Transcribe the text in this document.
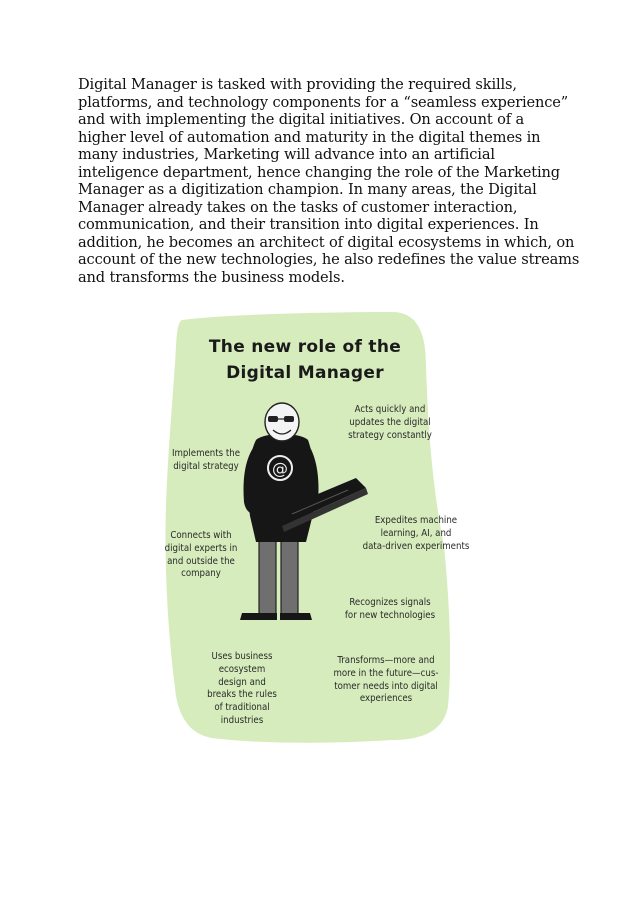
Digital Manager is tasked with providing the required skills,
platforms, and technology components for a “seamless experience”
and with implementing the digital initiatives. On account of a
higher level of automation and maturity in the digital themes in
many industries, Marketing will advance into an artificial
inteligence department, hence changing the role of the Marketing
Manager as a digitization champion. In many areas, the Digital
Manager already takes on the tasks of customer interaction,
communication, and their transition into digital experiences. In
addition, he becomes an architect of digital ecosystems in which, on
account of the new technologies, he also redefines the value streams
and transforms the business models.
@
The new role of the
Digital Manager
Acts quickly and
updates the digital
strategy constantly
Implements the
digital strategy
Expedites machine
learning, AI, and
data-driven experiments
Connects with
digital experts in
and outside the
company
Recognizes signals
for new technologies
Uses business
ecosystem
design and
breaks the rules
of traditional
industries
Transforms—more and
more in the future—cus-
tomer needs into digital
experiences
